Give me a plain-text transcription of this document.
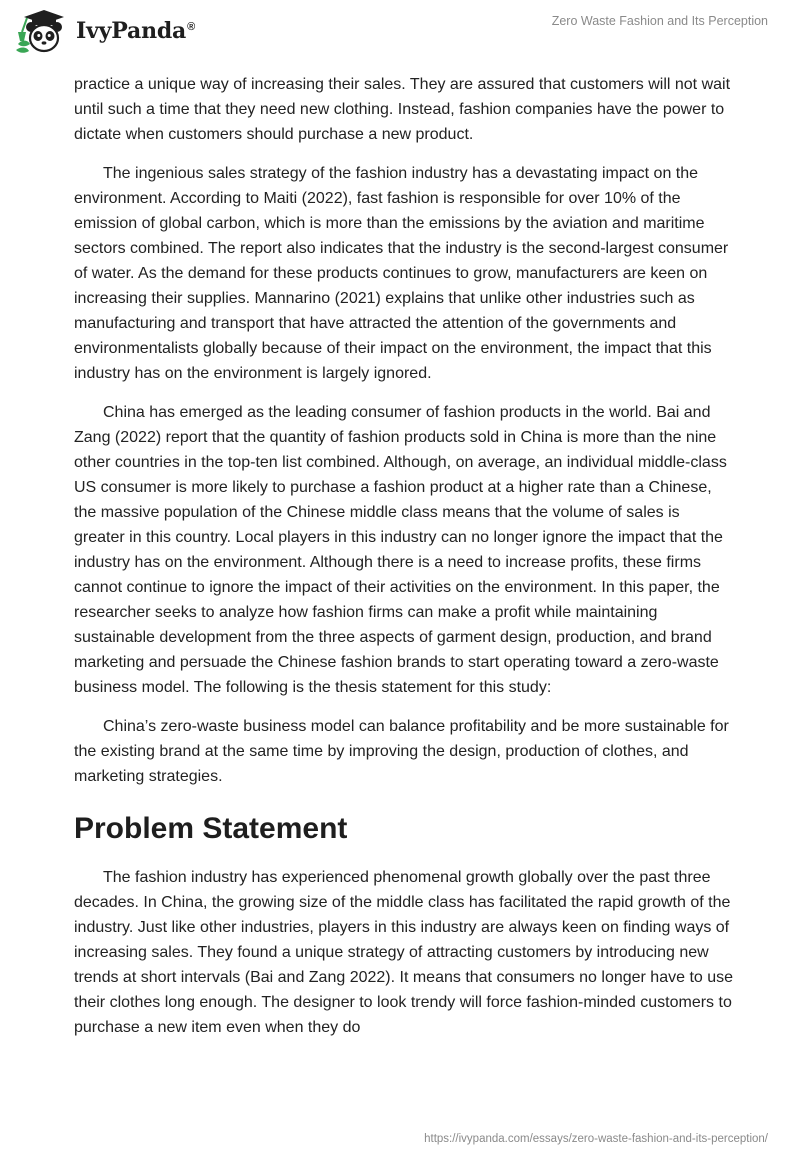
IvyPanda®	Zero Waste Fashion and Its Perception

practice a unique way of increasing their sales. They are assured that customers will not wait until such a time that they need new clothing. Instead, fashion companies have the power to dictate when customers should purchase a new product.

The ingenious sales strategy of the fashion industry has a devastating impact on the environment. According to Maiti (2022), fast fashion is responsible for over 10% of the emission of global carbon, which is more than the emissions by the aviation and maritime sectors combined. The report also indicates that the industry is the second-largest consumer of water. As the demand for these products continues to grow, manufacturers are keen on increasing their supplies. Mannarino (2021) explains that unlike other industries such as manufacturing and transport that have attracted the attention of the governments and environmentalists globally because of their impact on the environment, the impact that this industry has on the environment is largely ignored.

China has emerged as the leading consumer of fashion products in the world. Bai and Zang (2022) report that the quantity of fashion products sold in China is more than the nine other countries in the top-ten list combined. Although, on average, an individual middle-class US consumer is more likely to purchase a fashion product at a higher rate than a Chinese, the massive population of the Chinese middle class means that the volume of sales is greater in this country. Local players in this industry can no longer ignore the impact that the industry has on the environment. Although there is a need to increase profits, these firms cannot continue to ignore the impact of their activities on the environment. In this paper, the researcher seeks to analyze how fashion firms can make a profit while maintaining sustainable development from the three aspects of garment design, production, and brand marketing and persuade the Chinese fashion brands to start operating toward a zero-waste business model. The following is the thesis statement for this study:

China’s zero-waste business model can balance profitability and be more sustainable for the existing brand at the same time by improving the design, production of clothes, and marketing strategies.

Problem Statement

The fashion industry has experienced phenomenal growth globally over the past three decades. In China, the growing size of the middle class has facilitated the rapid growth of the industry. Just like other industries, players in this industry are always keen on finding ways of increasing sales. They found a unique strategy of attracting customers by introducing new trends at short intervals (Bai and Zang 2022). It means that consumers no longer have to use their clothes long enough. The designer to look trendy will force fashion-minded customers to purchase a new item even when they do

https://ivypanda.com/essays/zero-waste-fashion-and-its-perception/
